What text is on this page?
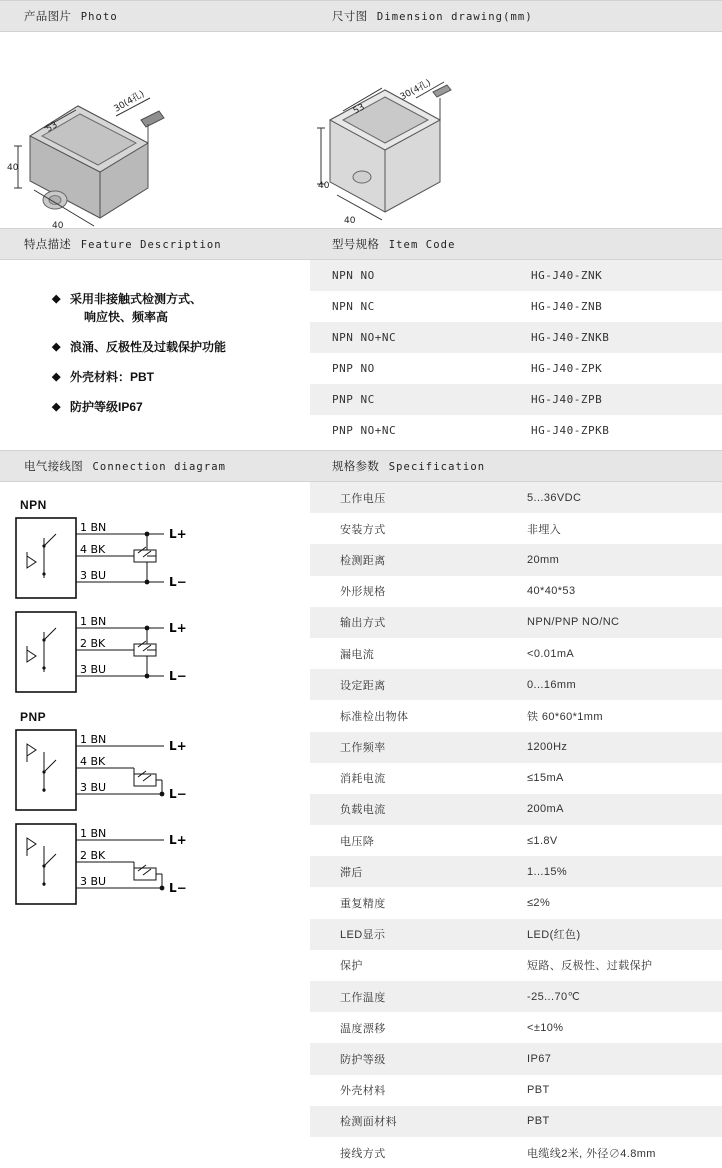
产品图片 Photo	尺寸图 Dimension drawing(mm)
40
53
30(4孔)
40
特点描述 Feature Description	型号规格 Item Code
◆ 采用非接触式检测方式、
响应快、频率高
◆ 浪涌、反极性及过载保护功能
◆ 外壳材料：PBT
◆ 防护等级IP67
NPN NO	HG-J40-ZNK
NPN NC	HG-J40-ZNB
NPN NO+NC	HG-J40-ZNKB
PNP NO	HG-J40-ZPK
PNP NC	HG-J40-ZPB
PNP NO+NC	HG-J40-ZPKB
电气接线图 Connection diagram	规格参数 Specification
NPN
1 BN
4 BK
3 BU
L+
L−
1 BN
2 BK
3 BU
L+
L−
PNP
1 BN
4 BK
3 BU
L+
L−
1 BN
2 BK
3 BU
L+
L−
工作电压	5...36VDC
安装方式	非埋入
检测距离	20mm
外形规格	40*40*53
输出方式	NPN/PNP NO/NC
漏电流	<0.01mA
设定距离	0...16mm
标准检出物体	铁 60*60*1mm
工作频率	1200Hz
消耗电流	≤15mA
负载电流	200mA
电压降	≤1.8V
滞后	1...15%
重复精度	≤2%
LED显示	LED(红色)
保护	短路、反极性、过载保护
工作温度	-25...70℃
温度漂移	<±10%
防护等级	IP67
外壳材料	PBT
检测面材料	PBT
接线方式	电缆线2米, 外径∅4.8mm
40
53
30(4孔)
40
